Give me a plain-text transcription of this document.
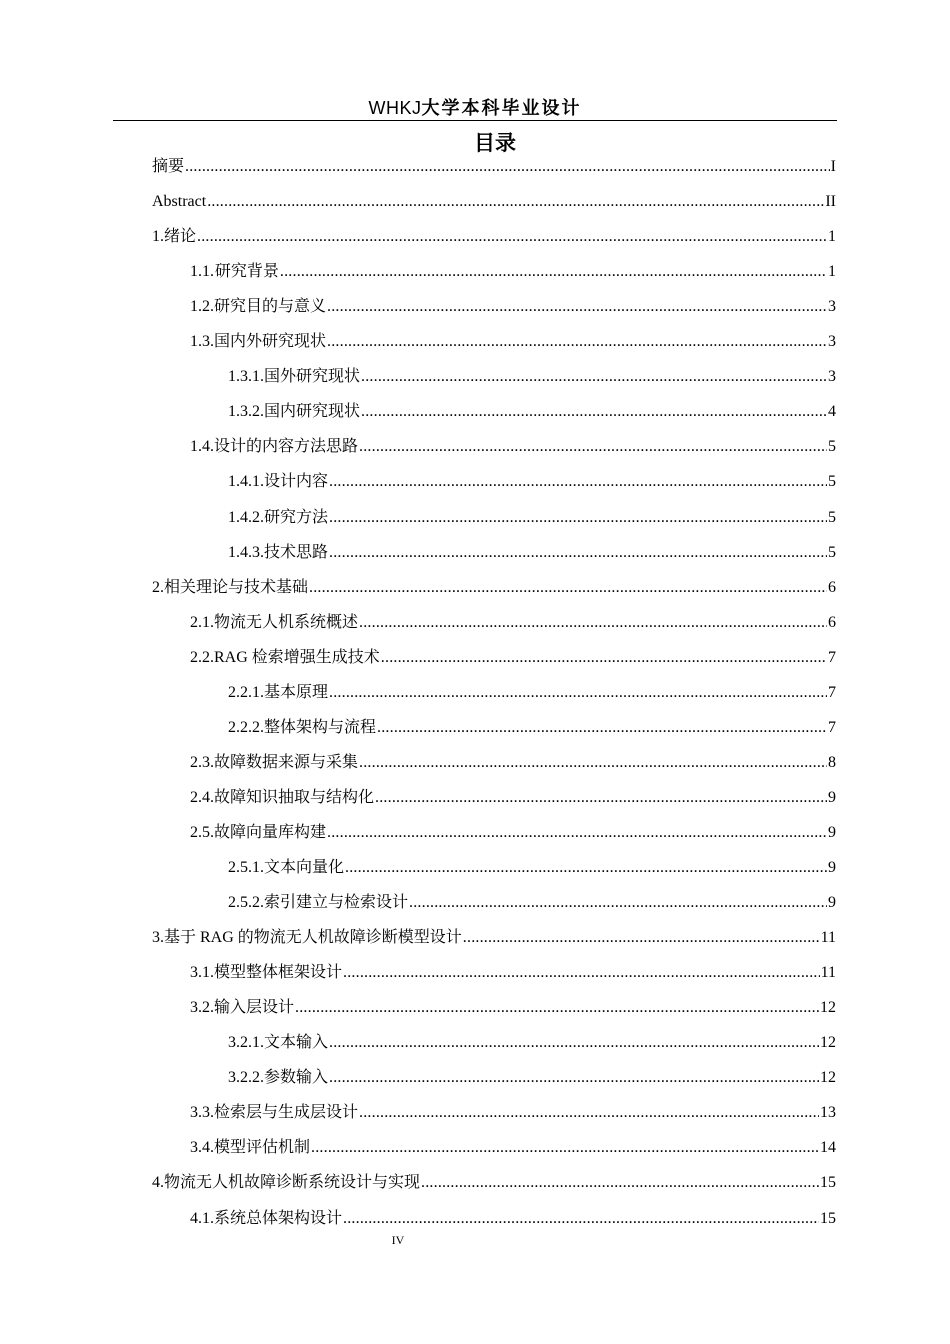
WHKJ大学本科毕业设计
目录
摘要 .....	I
Abstract .....	II
1. 绪论 .....	1
1.1. 研究背景 .....	1
1.2. 研究目的与意义 .....	3
1.3. 国内外研究现状 .....	3
1.3.1. 国外研究现状 .....	3
1.3.2. 国内研究现状 .....	4
1.4. 设计的内容方法思路 .....	5
1.4.1. 设计内容 .....	5
1.4.2. 研究方法 .....	5
1.4.3. 技术思路 .....	5
2. 相关理论与技术基础 .....	6
2.1. 物流无人机系统概述 .....	6
2.2. RAG 检索增强生成技术 .....	7
2.2.1. 基本原理 .....	7
2.2.2. 整体架构与流程 .....	7
2.3. 故障数据来源与采集 .....	8
2.4. 故障知识抽取与结构化 .....	9
2.5. 故障向量库构建 .....	9
2.5.1. 文本向量化 .....	9
2.5.2. 索引建立与检索设计 .....	9
3. 基于 RAG 的物流无人机故障诊断模型设计 .....	11
3.1. 模型整体框架设计 .....	11
3.2. 输入层设计 .....	12
3.2.1. 文本输入 .....	12
3.2.2. 参数输入 .....	12
3.3. 检索层与生成层设计 .....	13
3.4. 模型评估机制 .....	14
4. 物流无人机故障诊断系统设计与实现 .....	15
4.1. 系统总体架构设计 .....	15
IV
